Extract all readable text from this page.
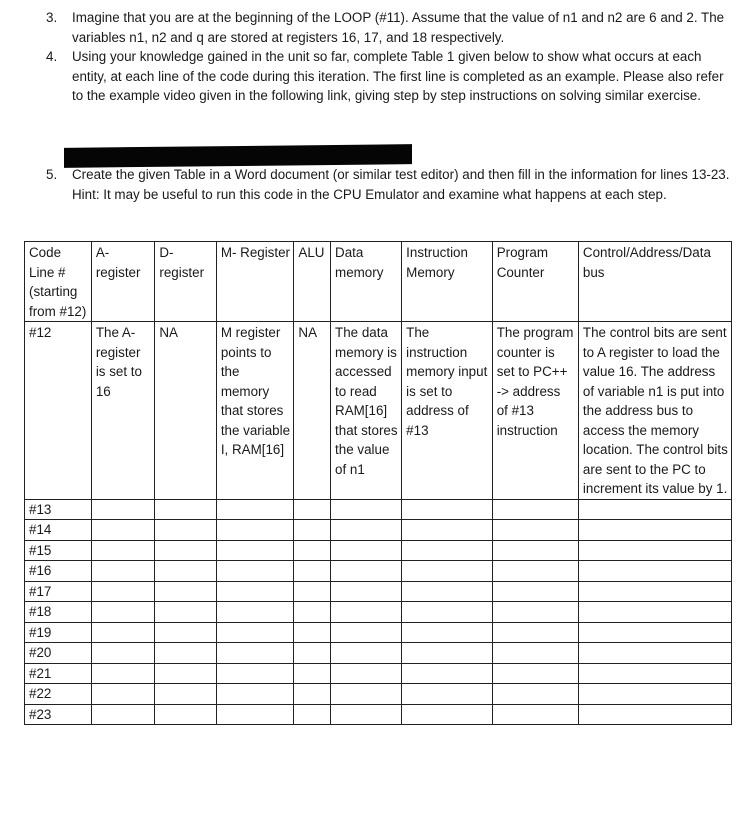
3. Imagine that you are at the beginning of the LOOP (#11). Assume that the value of n1 and n2 are 6 and 2. The variables n1, n2 and q are stored at registers 16, 17, and 18 respectively.
4. Using your knowledge gained in the unit so far, complete Table 1 given below to show what occurs at each entity, at each line of the code during this iteration. The first line is completed as an example. Please also refer to the example video given in the following link, giving step by step instructions on solving similar exercise.
5. Create the given Table in a Word document (or similar test editor) and then fill in the information for lines 13-23. Hint: It may be useful to run this code in the CPU Emulator and examine what happens at each step.
Code Line # (starting from #12)	A- register	D- register	M- Register	ALU	Data memory	Instruction Memory	Program Counter	Control/Address/Data bus
#12	The A- register is set to 16	NA	M register points to the memory that stores the variable I, RAM[16]	NA	The data memory is accessed to read RAM[16] that stores the value of n1	The instruction memory input is set to address of #13	The program counter is set to PC++ -> address of #13 instruction	The control bits are sent to A register to load the value 16. The address of variable n1 is put into the address bus to access the memory location. The control bits are sent to the PC to increment its value by 1.
#13								
#14								
#15								
#16								
#17								
#18								
#19								
#20								
#21								
#22								
#23								
